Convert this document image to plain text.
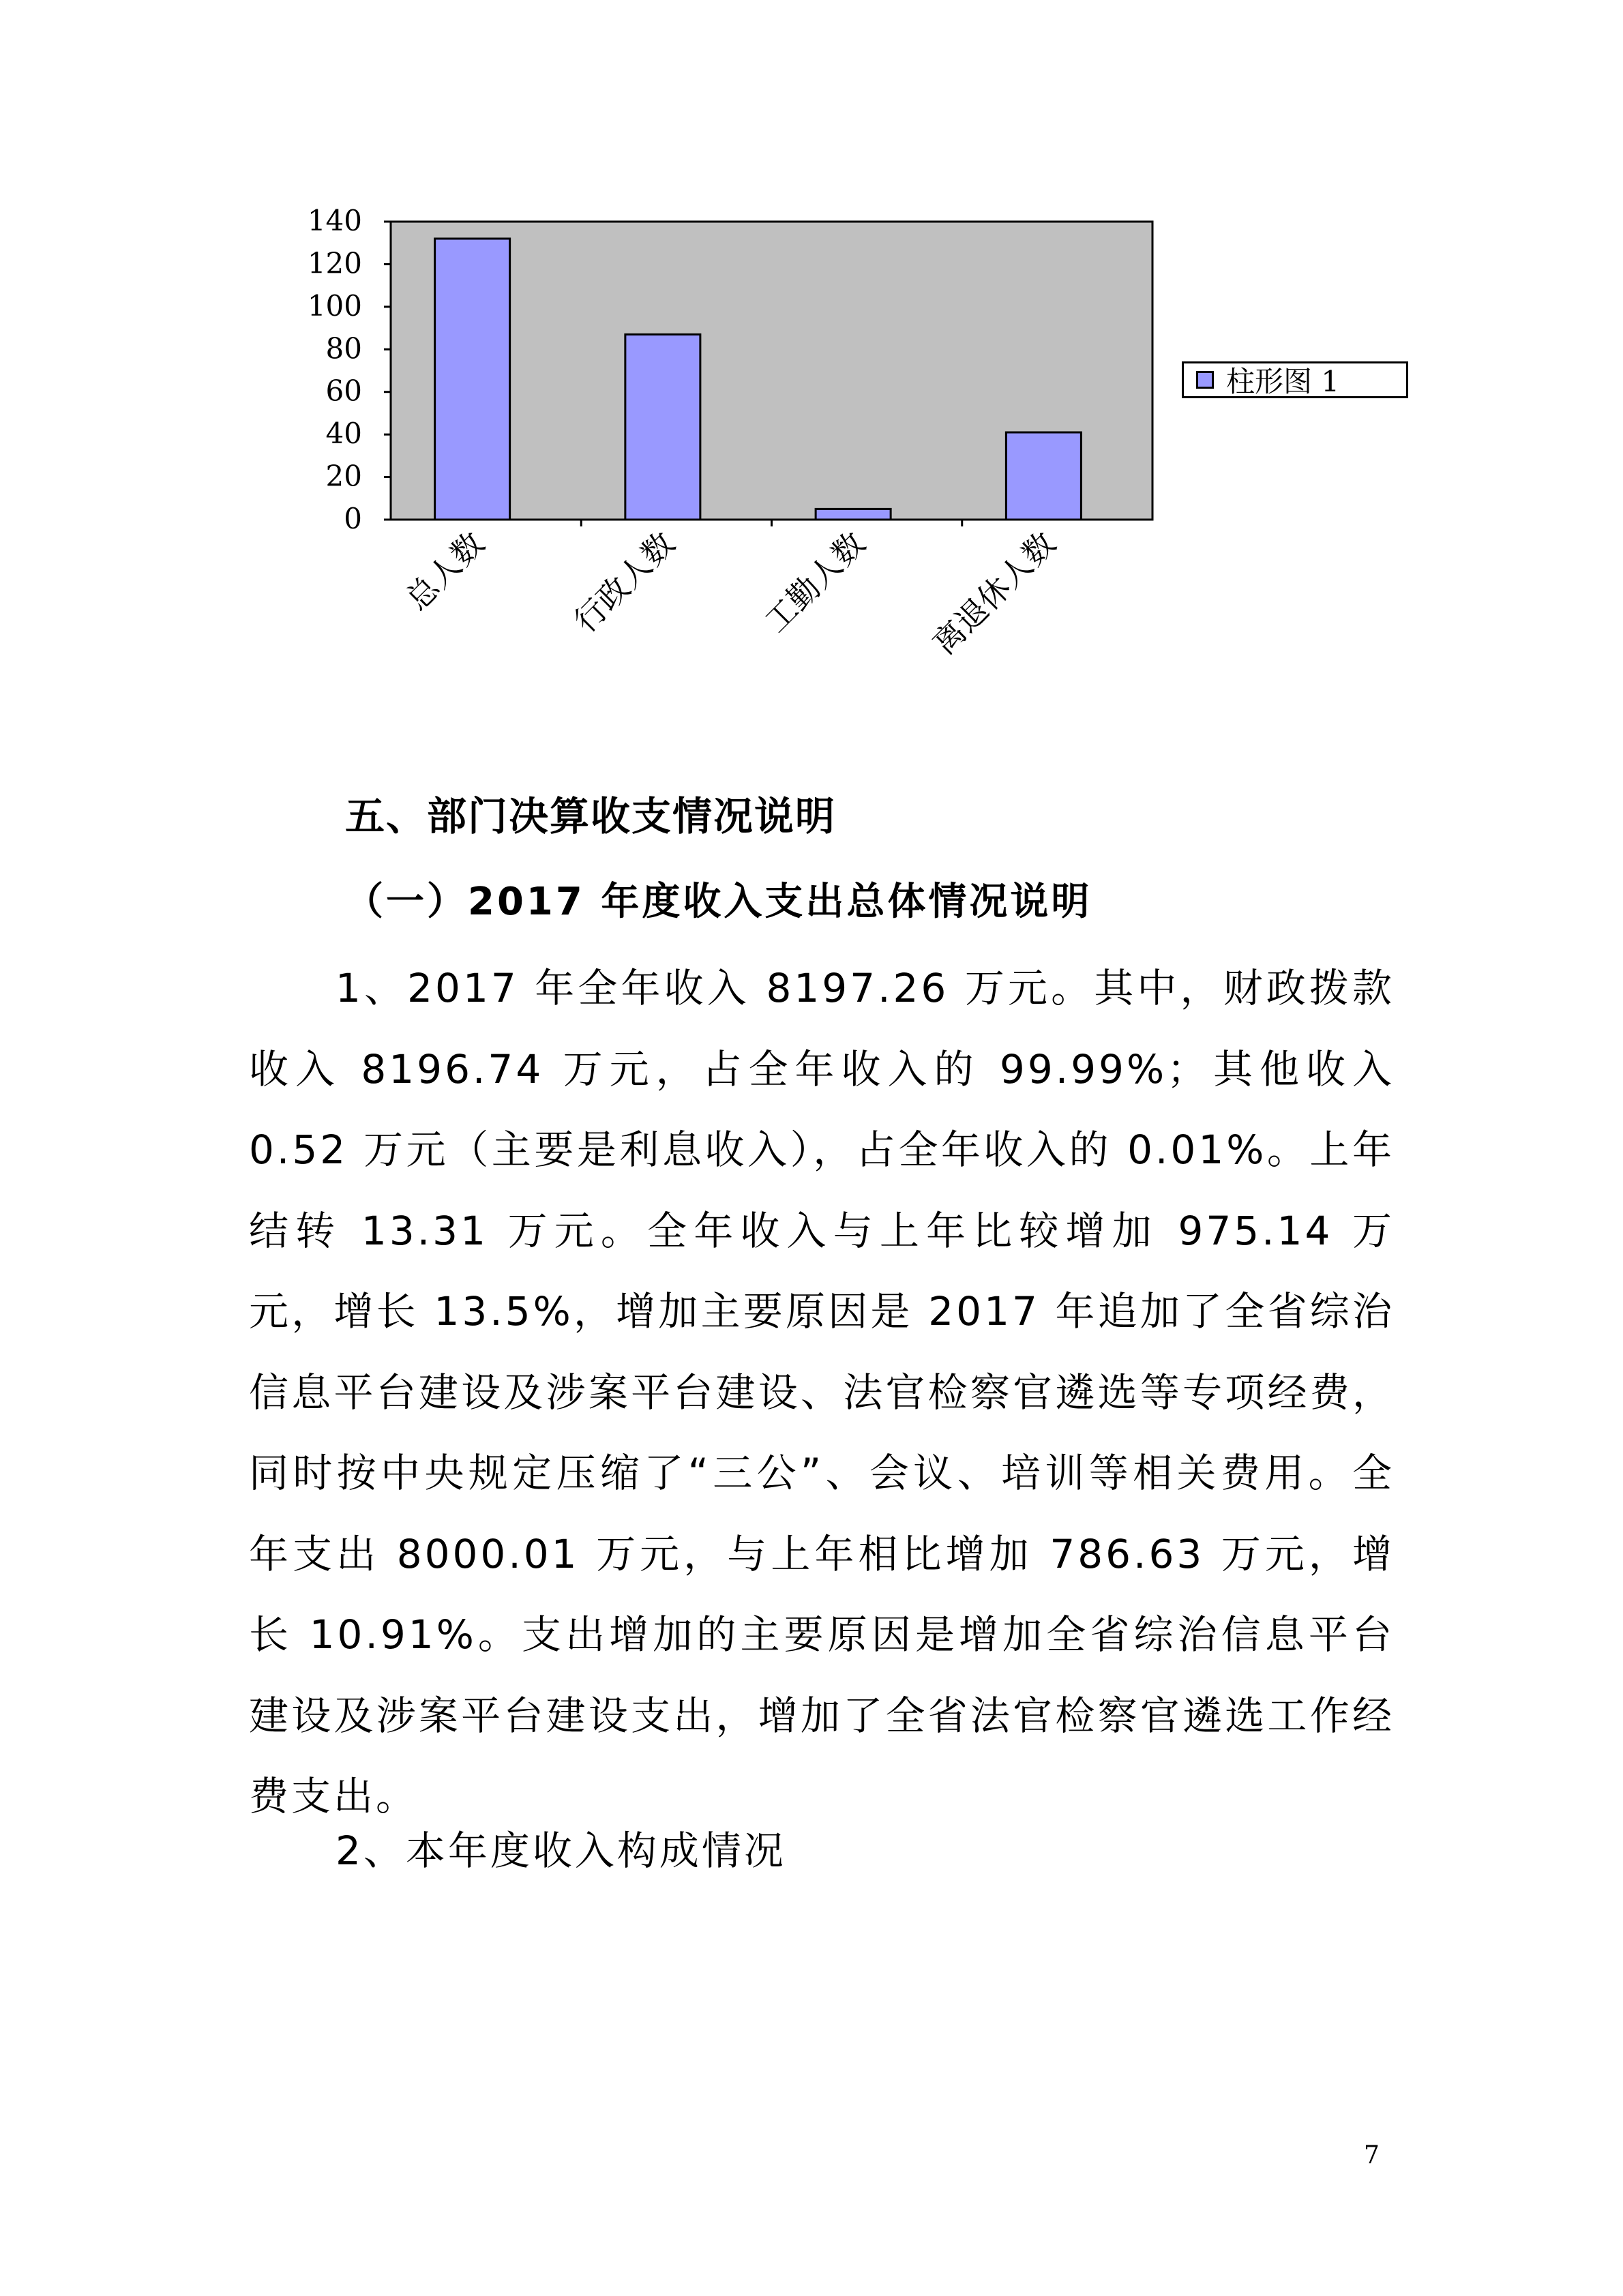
140
120
100
80
60
40
20
0
总人数 行政人数 工勤人数 离退休人数
柱形图 1
五、部门决算收支情况说明
（一）2017 年度收入支出总体情况说明

1、2017 年全年收入 8197.26 万元。其中，财政拨款收入 8196.74 万元，占全年收入的 99.99%；其他收入 0.52 万元（主要是利息收入），占全年收入的 0.01%。上年结转 13.31 万元。全年收入与上年比较增加 975.14 万元，增长 13.5%，增加主要原因是 2017 年追加了全省综治信息平台建设及涉案平台建设、法官检察官遴选等专项经费，同时按中央规定压缩了“三公”、会议、培训等相关费用。全年支出 8000.01 万元，与上年相比增加 786.63 万元，增长 10.91%。支出增加的主要原因是增加全省综治信息平台建设及涉案平台建设支出，增加了全省法官检察官遴选工作经费支出。

2、本年度收入构成情况

7
